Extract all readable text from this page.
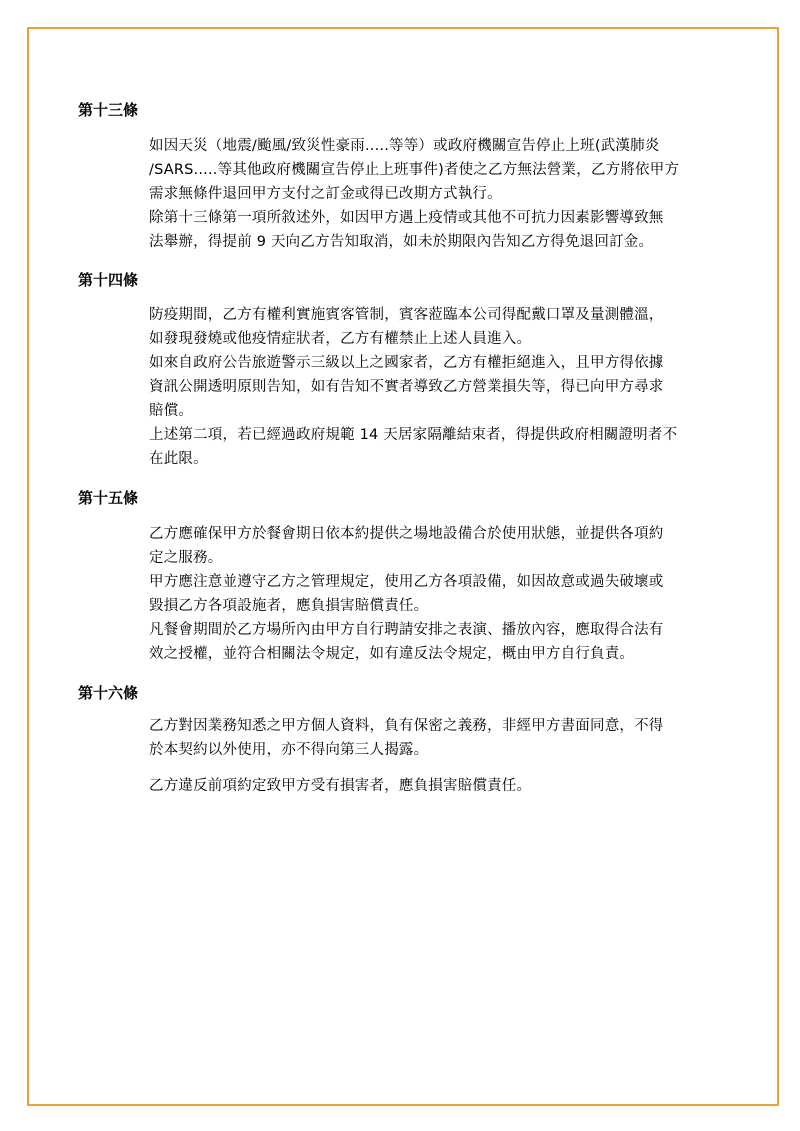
第十三條
如因天災（地震/颱風/致災性豪雨.....等等）或政府機關宣告停止上班(武漢肺炎
/SARS.....等其他政府機關宣告停止上班事件)者使之乙方無法營業，乙方將依甲方
需求無條件退回甲方支付之訂金或得已改期方式執行。
除第十三條第一項所敘述外，如因甲方遇上疫情或其他不可抗力因素影響導致無
法舉辦，得提前 9 天向乙方告知取消，如未於期限內告知乙方得免退回訂金。
第十四條
防疫期間，乙方有權利實施賓客管制，賓客蒞臨本公司得配戴口罩及量測體溫，
如發現發燒或他疫情症狀者，乙方有權禁止上述人員進入。
如來自政府公告旅遊警示三級以上之國家者，乙方有權拒絕進入，且甲方得依據
資訊公開透明原則告知，如有告知不實者導致乙方營業損失等，得已向甲方尋求
賠償。
上述第二項，若已經過政府規範 14 天居家隔離結束者，得提供政府相關證明者不
在此限。
第十五條
乙方應確保甲方於餐會期日依本約提供之場地設備合於使用狀態，並提供各項約
定之服務。
甲方應注意並遵守乙方之管理規定，使用乙方各項設備，如因故意或過失破壞或
毀損乙方各項設施者，應負損害賠償責任。
凡餐會期間於乙方場所內由甲方自行聘請安排之表演、播放內容，應取得合法有
效之授權，並符合相關法令規定，如有違反法令規定，概由甲方自行負責。
第十六條
乙方對因業務知悉之甲方個人資料，負有保密之義務，非經甲方書面同意，不得
於本契約以外使用，亦不得向第三人揭露。
乙方違反前項約定致甲方受有損害者，應負損害賠償責任。
